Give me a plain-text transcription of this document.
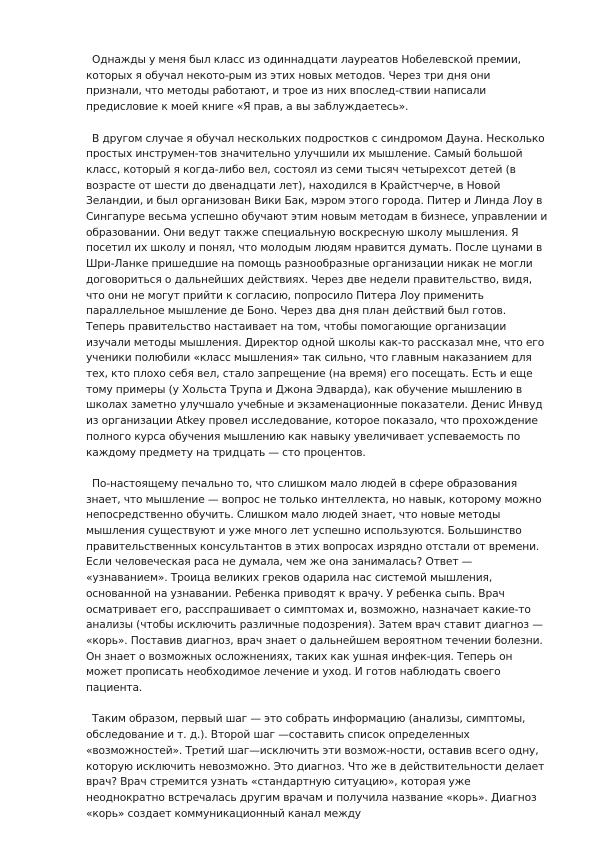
Однажды у меня был класс из одиннадцати лауреатов Нобелевской премии, которых я обучал некото-рым из этих новых методов. Через три дня они признали, что методы работают, и трое из них впослед-ствии написали предисловие к моей книге «Я прав, а вы заблуждаетесь».

В другом случае я обучал нескольких подростков с синдромом Дауна. Несколько простых инструмен-тов значительно улучшили их мышление. Самый большой класс, который я когда-либо вел, состоял из семи тысяч четырехсот детей (в возрасте от шести до двенадцати лет), находился в Крайстчерче, в Новой Зеландии, и был организован Вики Бак, мэром этого города. Питер и Линда Лоу в Сингапуре весьма успешно обучают этим новым методам в бизнесе, управлении и образовании. Они ведут также специальную воскресную школу мышления. Я посетил их школу и понял, что молодым людям нравится думать. После цунами в Шри-Ланке пришедшие на помощь разнообразные организации никак не могли договориться о дальнейших действиях. Через две недели правительство, видя, что они не могут прийти к согласию, попросило Питера Лоу применить параллельное мышление де Боно. Через два дня план действий был готов. Теперь правительство настаивает на том, чтобы помогающие организации изучали методы мышления. Директор одной школы как-то рассказал мне, что его ученики полюбили «класс мышления» так сильно, что главным наказанием для тех, кто плохо себя вел, стало запрещение (на время) его посещать. Есть и еще тому примеры (у Хольста Трупа и Джона Эдварда), как обучение мышлению в школах заметно улучшало учебные и экзаменационные показатели. Денис Инвуд из организации Atkey провел исследование, которое показало, что прохождение полного курса обучения мышлению как навыку увеличивает успеваемость по каждому предмету на тридцать — сто процентов.

По-настоящему печально то, что слишком мало людей в сфере образования знает, что мышление — вопрос не только интеллекта, но навык, которому можно непосредственно обучить. Слишком мало людей знает, что новые методы мышления существуют и уже много лет успешно используются. Большинство правительственных консультантов в этих вопросах изрядно отстали от времени. Если человеческая раса не думала, чем же она занималась? Ответ — «узнаванием». Троица великих греков одарила нас системой мышления, основанной на узнавании. Ребенка приводят к врачу. У ребенка сыпь. Врач осматривает его, расспрашивает о симптомах и, возможно, назначает какие-то анализы (чтобы исключить различные подозрения). Затем врач ставит диагноз — «корь». Поставив диагноз, врач знает о дальнейшем вероятном течении болезни. Он знает о возможных осложнениях, таких как ушная инфек-ция. Теперь он может прописать необходимое лечение и уход. И готов наблюдать своего пациента.

Таким образом, первый шаг — это собрать информацию (анализы, симптомы, обследование и т. д.). Второй шаг —составить список определенных «возможностей». Третий шаг—исключить эти возмож-ности, оставив всего одну, которую исключить невозможно. Это диагноз. Что же в действительности делает врач? Врач стремится узнать «стандартную ситуацию», которая уже неоднократно встречалась другим врачам и получила название «корь». Диагноз «корь» создает коммуникационный канал между
